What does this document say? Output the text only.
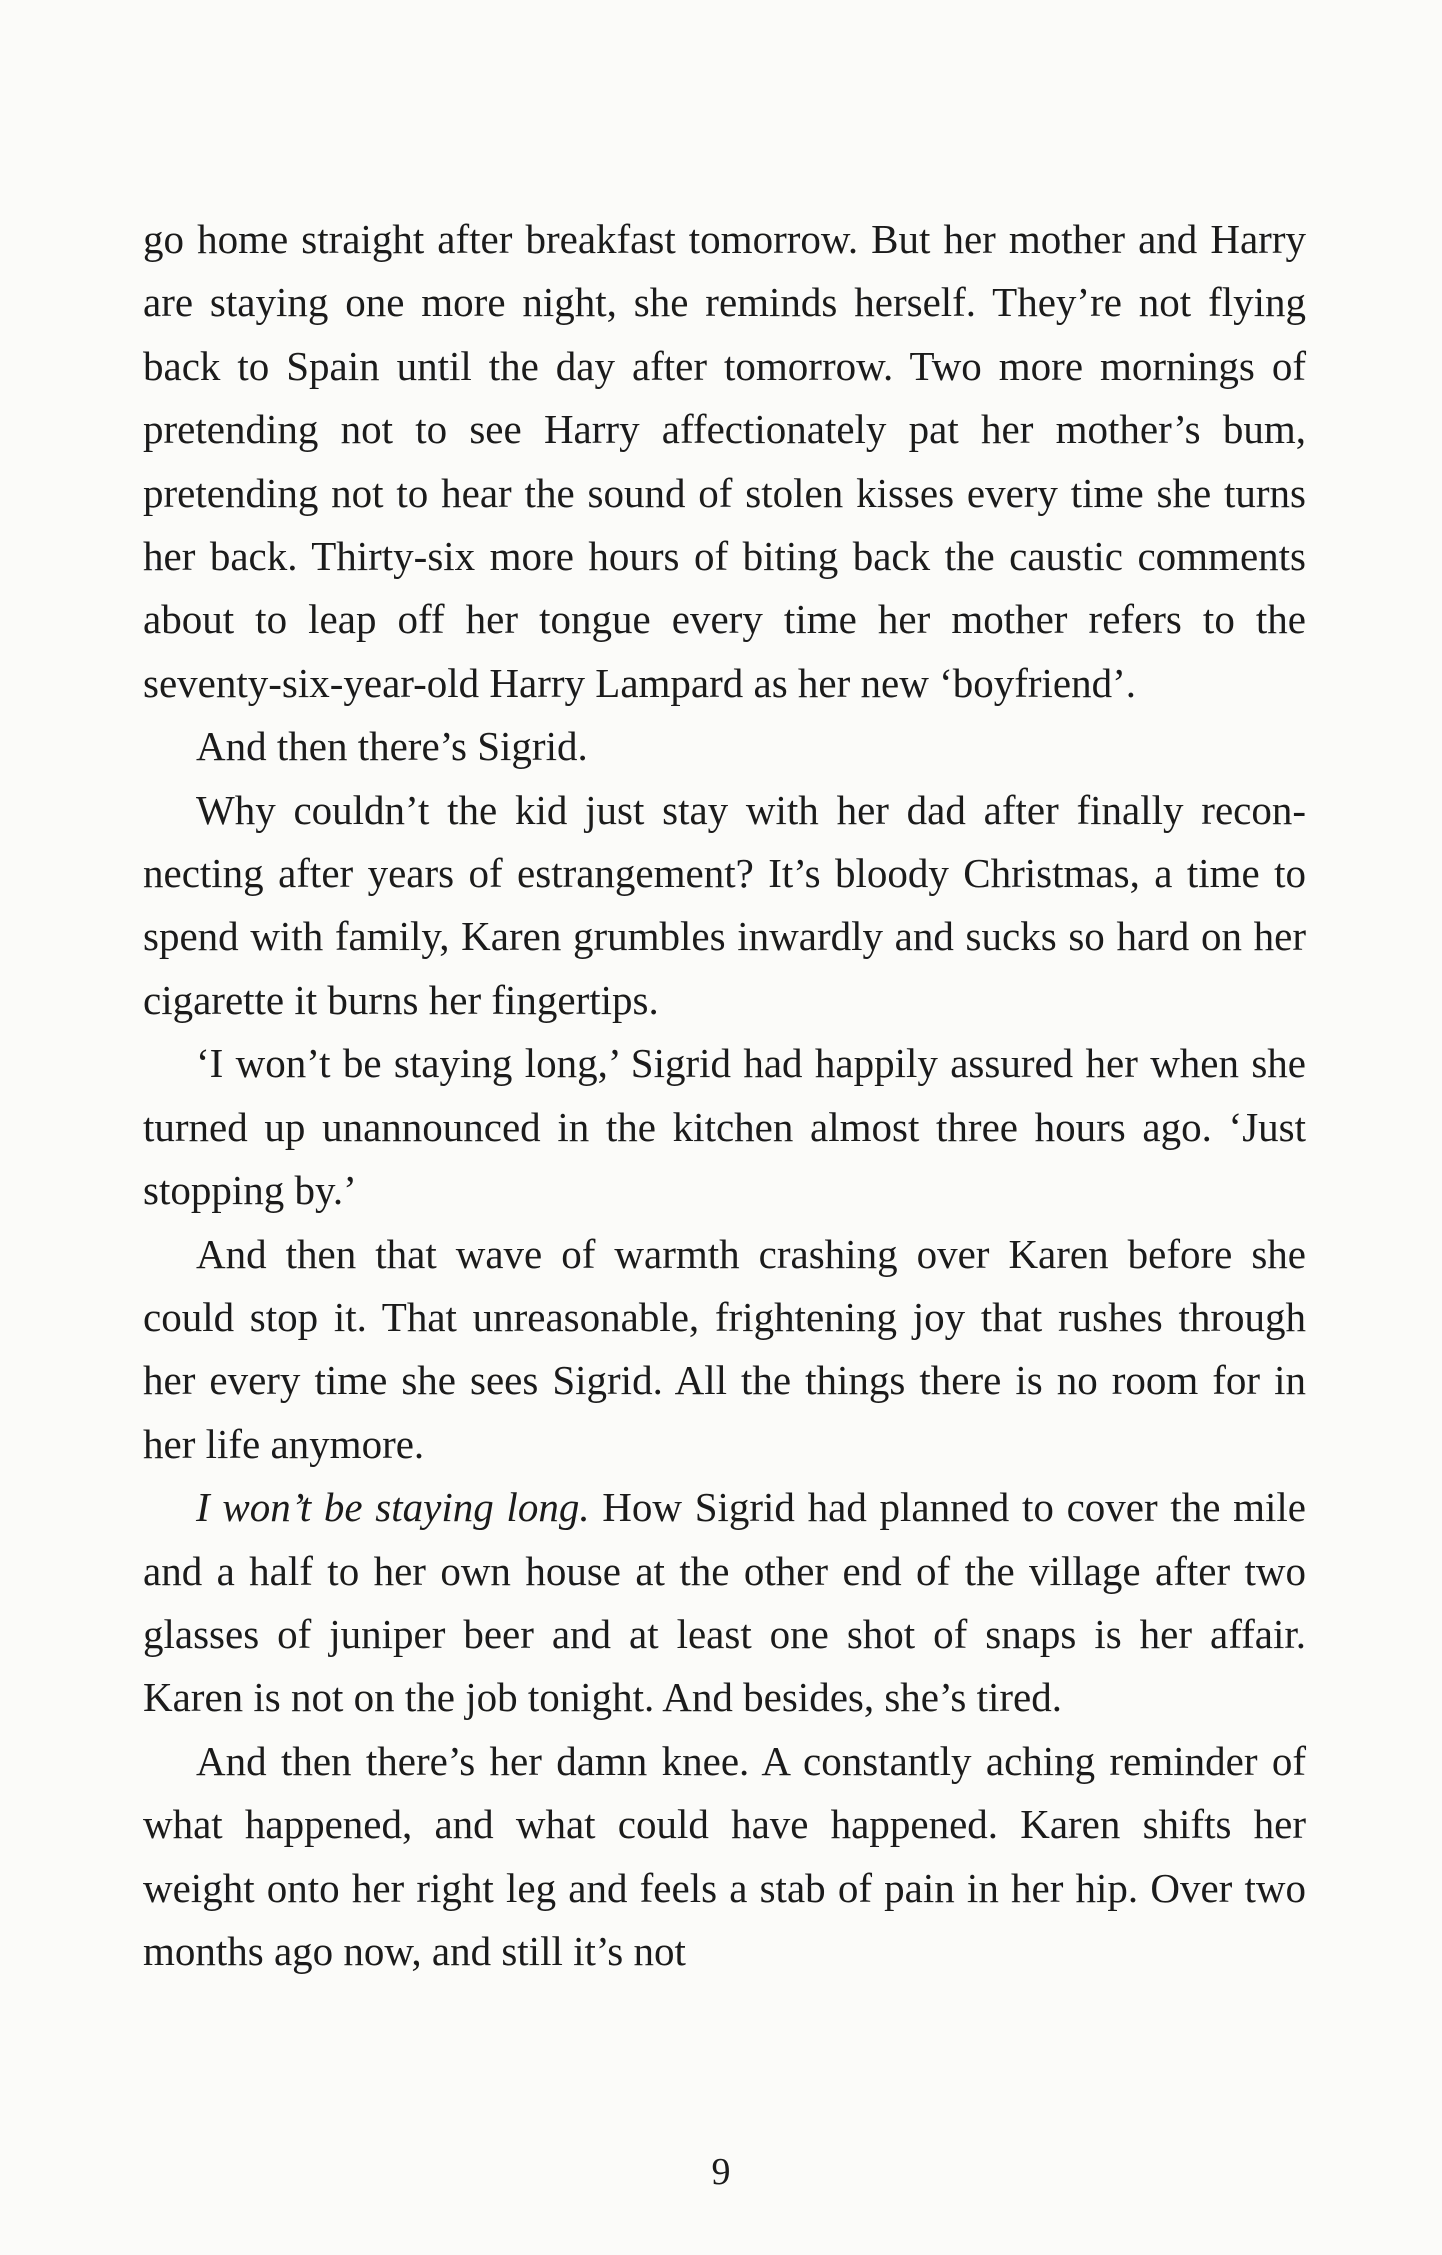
go home straight after breakfast tomorrow. But her mother and Harry are staying one more night, she reminds herself. They’re not flying back to Spain until the day after tomorrow. Two more mornings of pretending not to see Harry affectionately pat her mother’s bum, pretending not to hear the sound of stolen kisses every time she turns her back. Thirty-six more hours of biting back the caustic comments about to leap off her tongue every time her mother refers to the seventy-six-year-old Harry Lampard as her new ‘boyfriend’.

And then there’s Sigrid.

Why couldn’t the kid just stay with her dad after finally reconnecting after years of estrangement? It’s bloody Christmas, a time to spend with family, Karen grumbles inwardly and sucks so hard on her cigarette it burns her fingertips.

‘I won’t be staying long,’ Sigrid had happily assured her when she turned up unannounced in the kitchen almost three hours ago. ‘Just stopping by.’

And then that wave of warmth crashing over Karen before she could stop it. That unreasonable, frightening joy that rushes through her every time she sees Sigrid. All the things there is no room for in her life anymore.

I won’t be staying long. How Sigrid had planned to cover the mile and a half to her own house at the other end of the village after two glasses of juniper beer and at least one shot of snaps is her affair. Karen is not on the job tonight. And besides, she’s tired.

And then there’s her damn knee. A constantly aching reminder of what happened, and what could have happened. Karen shifts her weight onto her right leg and feels a stab of pain in her hip. Over two months ago now, and still it’s not

9
